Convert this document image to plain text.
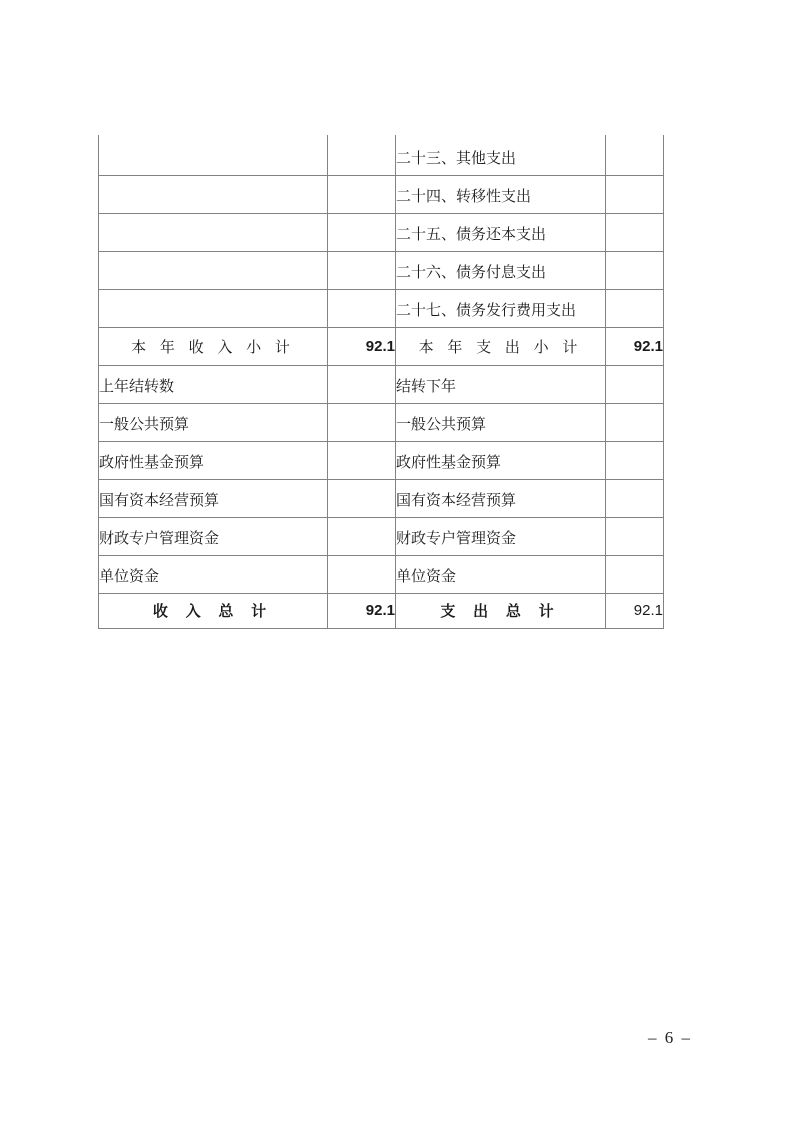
		二十三、其他支出	
		二十四、转移性支出	
		二十五、债务还本支出	
		二十六、债务付息支出	
		二十七、债务发行费用支出	
本 年 收 入 小 计	92.1	本 年 支 出 小 计	92.1
上年结转数		结转下年	
一般公共预算		一般公共预算	
政府性基金预算		政府性基金预算	
国有资本经营预算		国有资本经营预算	
财政专户管理资金		财政专户管理资金	
单位资金		单位资金	
收 入 总 计	92.1	支 出 总 计	92.1
– 6 –
